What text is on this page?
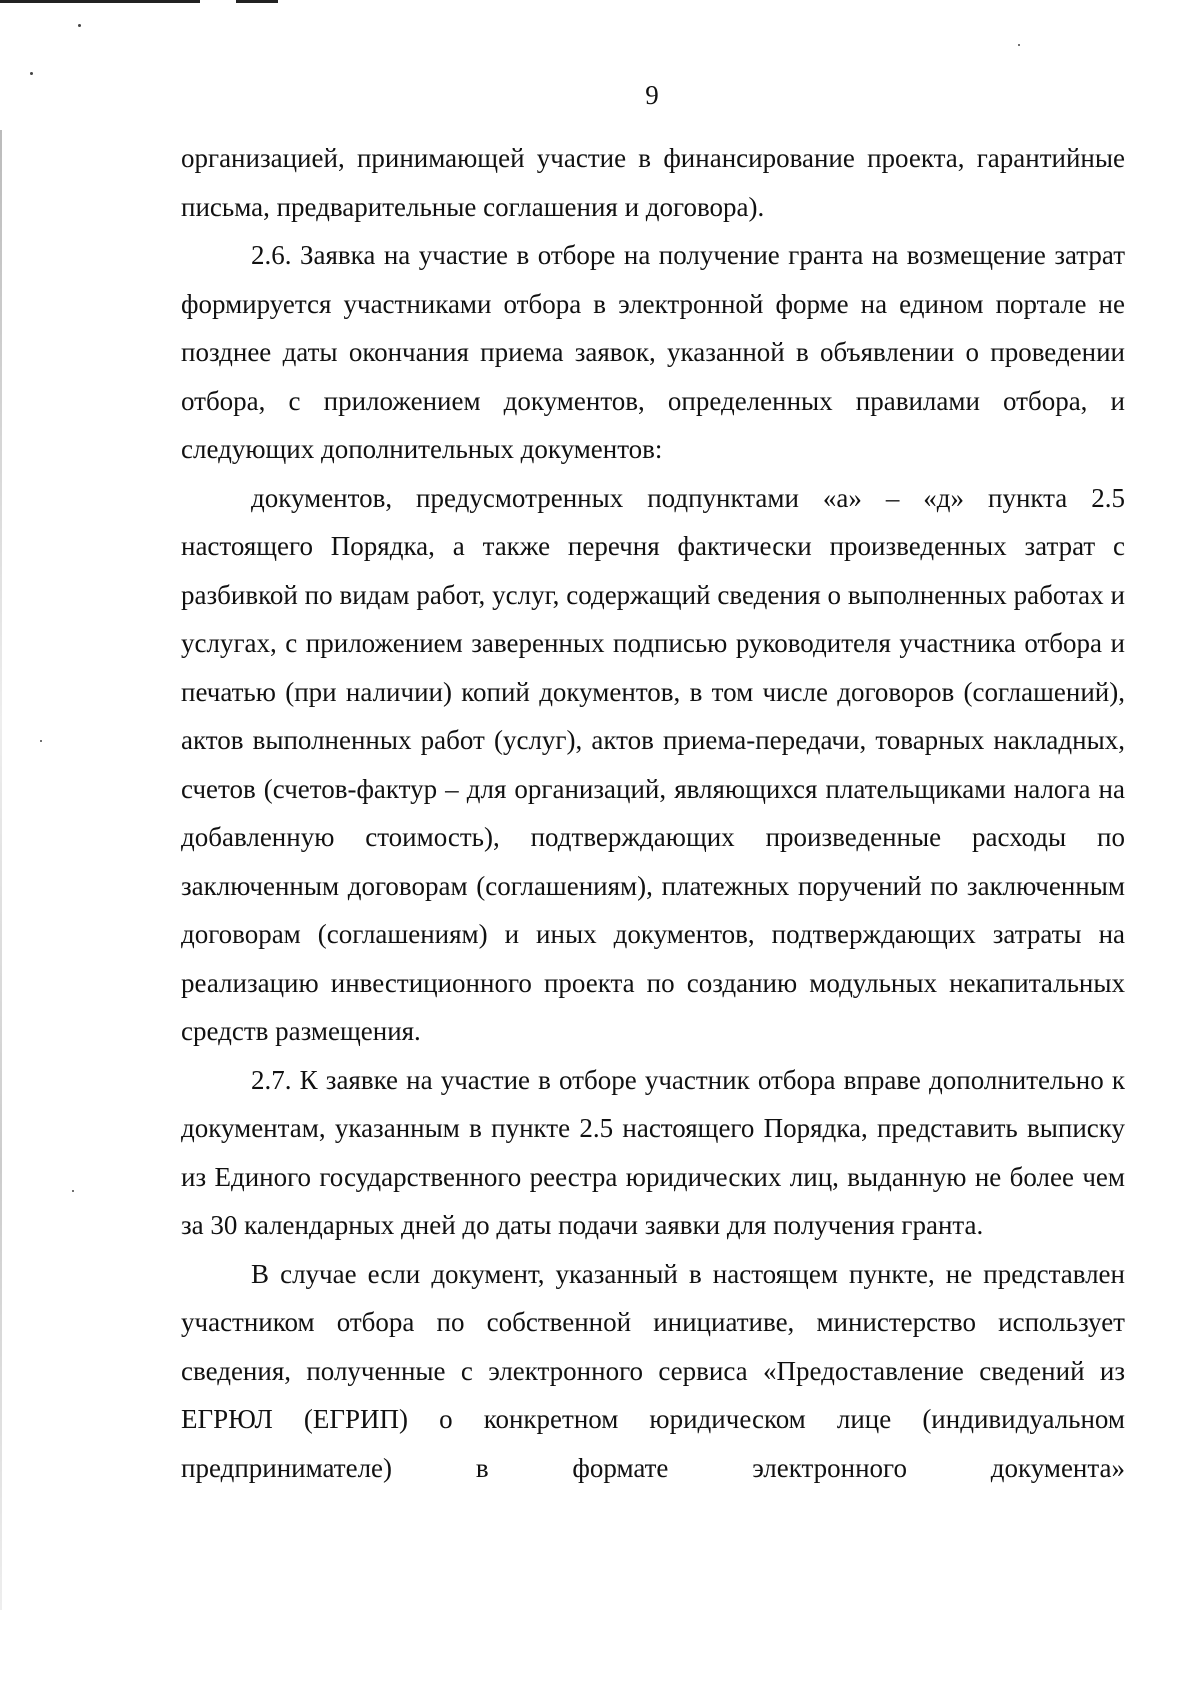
9

организацией, принимающей участие в финансирование проекта, гарантийные письма, предварительные соглашения и договора).

2.6. Заявка на участие в отборе на получение гранта на возмещение затрат формируется участниками отбора в электронной форме на едином портале не позднее даты окончания приема заявок, указанной в объявлении о проведении отбора, с приложением документов, определенных правилами отбора, и следующих дополнительных документов:

документов, предусмотренных подпунктами «а» – «д» пункта 2.5 настоящего Порядка, а также перечня фактически произведенных затрат с разбивкой по видам работ, услуг, содержащий сведения о выполненных работах и услугах, с приложением заверенных подписью руководителя участника отбора и печатью (при наличии) копий документов, в том числе договоров (соглашений), актов выполненных работ (услуг), актов приема-передачи, товарных накладных, счетов (счетов-фактур – для организаций, являющихся плательщиками налога на добавленную стоимость), подтверждающих произведенные расходы по заключенным договорам (соглашениям), платежных поручений по заключенным договорам (соглашениям) и иных документов, подтверждающих затраты на реализацию инвестиционного проекта по созданию модульных некапитальных средств размещения.

2.7. К заявке на участие в отборе участник отбора вправе дополнительно к документам, указанным в пункте 2.5 настоящего Порядка, представить выписку из Единого государственного реестра юридических лиц, выданную не более чем за 30 календарных дней до даты подачи заявки для получения гранта.

В случае если документ, указанный в настоящем пункте, не представлен участником отбора по собственной инициативе, министерство использует сведения, полученные с электронного сервиса «Предоставление сведений из ЕГРЮЛ (ЕГРИП) о конкретном юридическом лице (индивидуальном предпринимателе) в формате электронного документа»
